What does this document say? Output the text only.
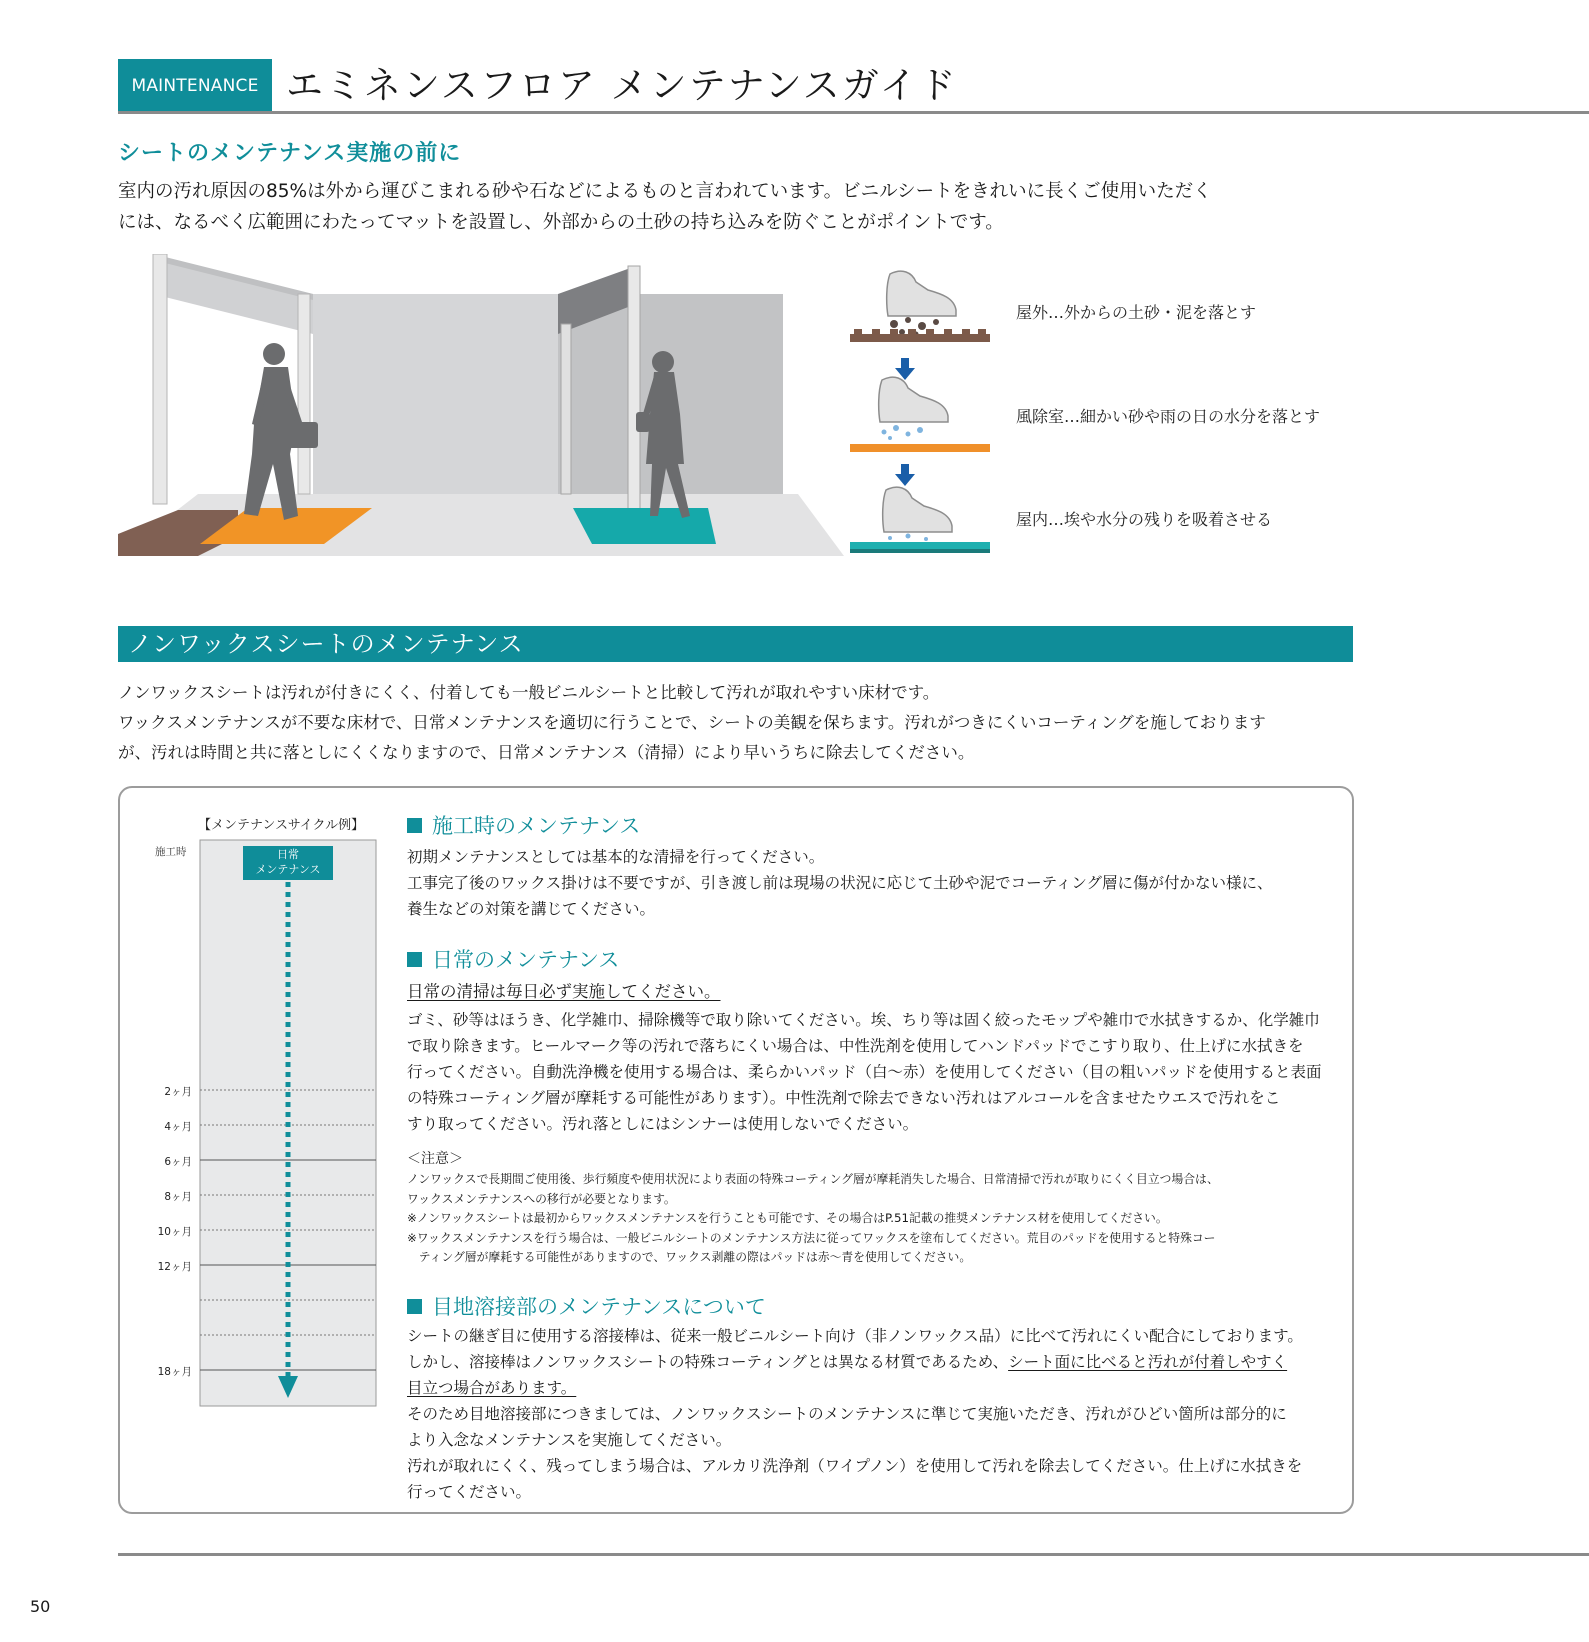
MAINTENANCE エミネンスフロア メンテナンスガイド
シートのメンテナンス実施の前に
室内の汚れ原因の85%は外から運びこまれる砂や石などによるものと言われています。ビニルシートをきれいに長くご使用いただく
には、なるべく広範囲にわたってマットを設置し、外部からの土砂の持ち込みを防ぐことがポイントです。
屋外…外からの土砂・泥を落とす
風除室…細かい砂や雨の日の水分を落とす
屋内…埃や水分の残りを吸着させる
ノンワックスシートのメンテナンス
ノンワックスシートは汚れが付きにくく、付着しても一般ビニルシートと比較して汚れが取れやすい床材です。
ワックスメンテナンスが不要な床材で、日常メンテナンスを適切に行うことで、シートの美観を保ちます。汚れがつきにくいコーティングを施しております
が、汚れは時間と共に落としにくくなりますので、日常メンテナンス（清掃）により早いうちに除去してください。
【メンテナンスサイクル例】
施工時	日常
メンテナンス
2ヶ月
4ヶ月
6ヶ月
8ヶ月
10ヶ月
12ヶ月
18ヶ月
施工時のメンテナンス
初期メンテナンスとしては基本的な清掃を行ってください。
工事完了後のワックス掛けは不要ですが、引き渡し前は現場の状況に応じて土砂や泥でコーティング層に傷が付かない様に、
養生などの対策を講じてください。
日常のメンテナンス
日常の清掃は毎日必ず実施してください。
ゴミ、砂等はほうき、化学雑巾、掃除機等で取り除いてください。埃、ちり等は固く絞ったモップや雑巾で水拭きするか、化学雑巾
で取り除きます。ヒールマーク等の汚れで落ちにくい場合は、中性洗剤を使用してハンドパッドでこすり取り、仕上げに水拭きを
行ってください。自動洗浄機を使用する場合は、柔らかいパッド（白〜赤）を使用してください（目の粗いパッドを使用すると表面
の特殊コーティング層が摩耗する可能性があります）。中性洗剤で除去できない汚れはアルコールを含ませたウエスで汚れをこ
すり取ってください。汚れ落としにはシンナーは使用しないでください。
＜注意＞
ノンワックスで長期間ご使用後、歩行頻度や使用状況により表面の特殊コーティング層が摩耗消失した場合、日常清掃で汚れが取りにくく目立つ場合は、
ワックスメンテナンスへの移行が必要となります。
※ノンワックスシートは最初からワックスメンテナンスを行うことも可能です、その場合はP.51記載の推奨メンテナンス材を使用してください。
※ワックスメンテナンスを行う場合は、一般ビニルシートのメンテナンス方法に従ってワックスを塗布してください。荒目のパッドを使用すると特殊コー
　ティング層が摩耗する可能性がありますので、ワックス剥離の際はパッドは赤〜青を使用してください。
目地溶接部のメンテナンスについて
シートの継ぎ目に使用する溶接棒は、従来一般ビニルシート向け（非ノンワックス品）に比べて汚れにくい配合にしております。
しかし、溶接棒はノンワックスシートの特殊コーティングとは異なる材質であるため、シート面に比べると汚れが付着しやすく
目立つ場合があります。
そのため目地溶接部につきましては、ノンワックスシートのメンテナンスに準じて実施いただき、汚れがひどい箇所は部分的に
より入念なメンテナンスを実施してください。
汚れが取れにくく、残ってしまう場合は、アルカリ洗浄剤（ワイプノン）を使用して汚れを除去してください。仕上げに水拭きを
行ってください。
50
